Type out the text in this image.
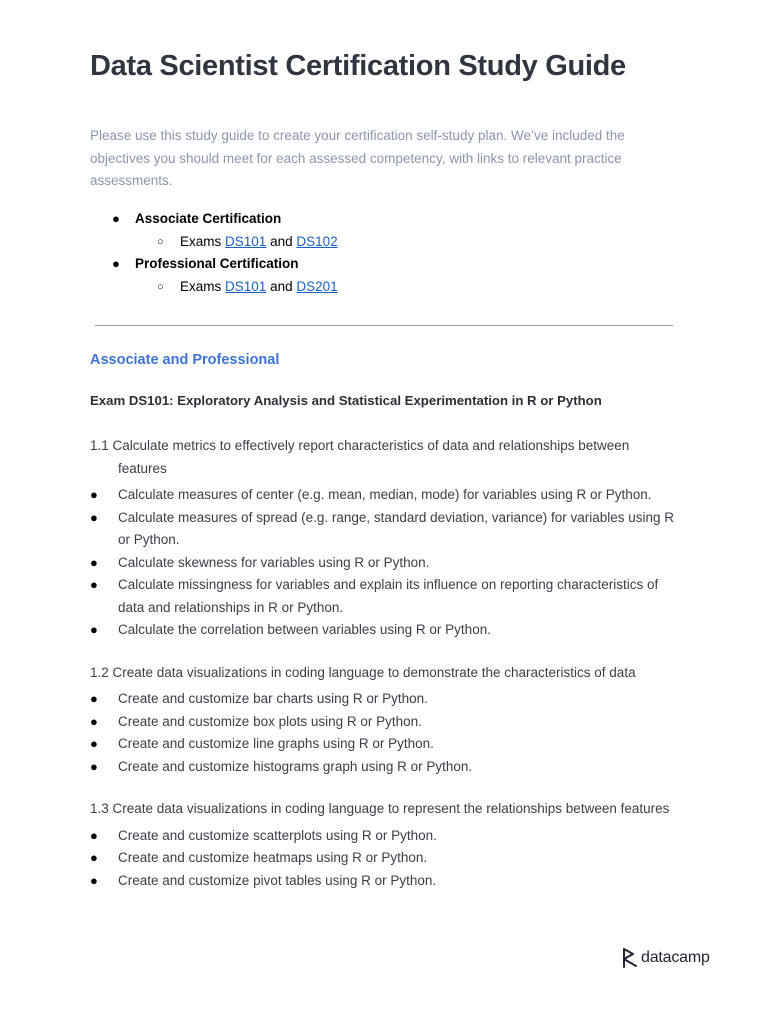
Data Scientist Certification Study Guide
Please use this study guide to create your certification self-study plan. We’ve included the objectives you should meet for each assessed competency, with links to relevant practice assessments.
● Associate Certification
○ Exams DS101 and DS102
● Professional Certification
○ Exams DS101 and DS201
Associate and Professional
Exam DS101: Exploratory Analysis and Statistical Experimentation in R or Python
1.1 Calculate metrics to effectively report characteristics of data and relationships between features
● Calculate measures of center (e.g. mean, median, mode) for variables using R or Python.
● Calculate measures of spread (e.g. range, standard deviation, variance) for variables using R or Python.
● Calculate skewness for variables using R or Python.
● Calculate missingness for variables and explain its influence on reporting characteristics of data and relationships in R or Python.
● Calculate the correlation between variables using R or Python.
1.2 Create data visualizations in coding language to demonstrate the characteristics of data
● Create and customize bar charts using R or Python.
● Create and customize box plots using R or Python.
● Create and customize line graphs using R or Python.
● Create and customize histograms graph using R or Python.
1.3 Create data visualizations in coding language to represent the relationships between features
● Create and customize scatterplots using R or Python.
● Create and customize heatmaps using R or Python.
● Create and customize pivot tables using R or Python.
datacamp
